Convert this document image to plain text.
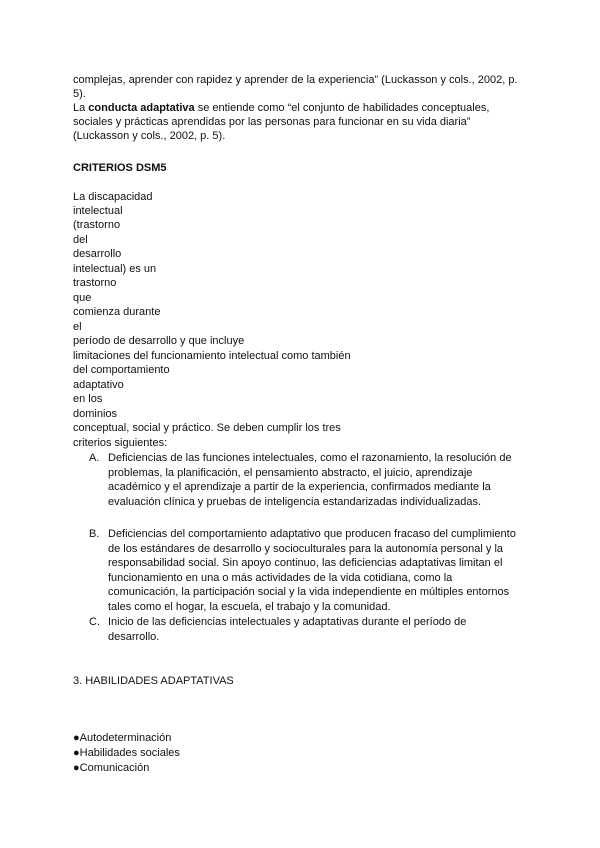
complejas, aprender con rapidez y aprender de la experiencia” (Luckasson y cols., 2002, p.
5).
La conducta adaptativa se entiende como “el conjunto de habilidades conceptuales,
sociales y prácticas aprendidas por las personas para funcionar en su vida diaria”
(Luckasson y cols., 2002, p. 5).
CRITERIOS DSM5
La discapacidad
intelectual
(trastorno
del
desarrollo
intelectual) es un
trastorno
que
comienza durante
el
período de desarrollo y que incluye
limitaciones del funcionamiento intelectual como también
del comportamiento
adaptativo
en los
dominios
conceptual, social y práctico. Se deben cumplir los tres
criterios siguientes:
A. Deficiencias de las funciones intelectuales, como el razonamiento, la resolución de
problemas, la planificación, el pensamiento abstracto, el juicio, aprendizaje
académico y el aprendizaje a partir de la experiencia, confirmados mediante la
evaluación clínica y pruebas de inteligencia estandarizadas individualizadas.
B. Deficiencias del comportamiento adaptativo que producen fracaso del cumplimiento
de los estándares de desarrollo y socioculturales para la autonomía personal y la
responsabilidad social. Sin apoyo continuo, las deficiencias adaptativas limitan el
funcionamiento en una o más actividades de la vida cotidiana, como la
comunicación, la participación social y la vida independiente en múltiples entornos
tales como el hogar, la escuela, el trabajo y la comunidad.
C. Inicio de las deficiencias intelectuales y adaptativas durante el período de
desarrollo.
3. HABILIDADES ADAPTATIVAS
●Autodeterminación
●Habilidades sociales
●Comunicación
